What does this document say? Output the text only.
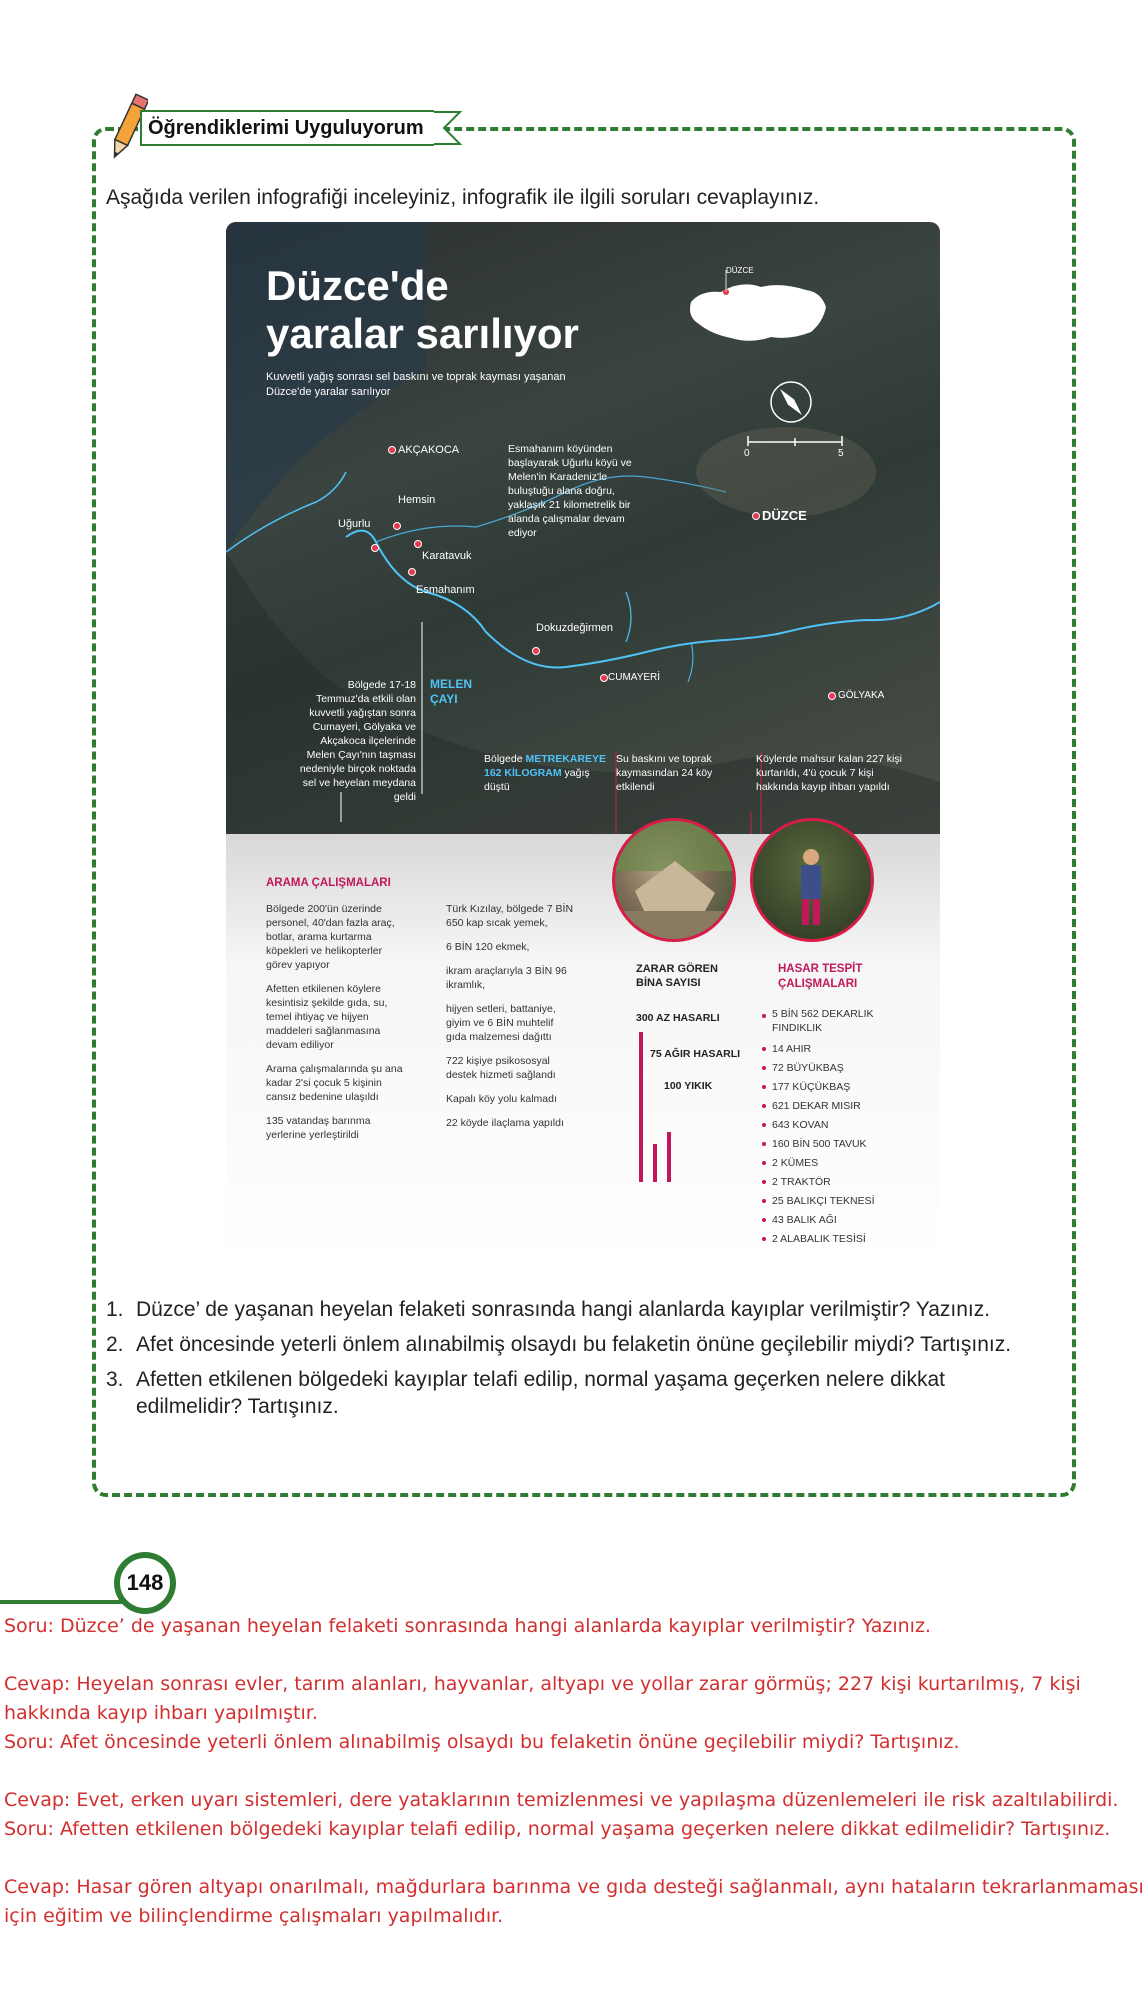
Öğrendiklerimi Uyguluyorum
Aşağıda verilen infografiği inceleyiniz, infografik ile ilgili soruları cevaplayınız.
DÜZCE
0	5
Düzce'de
yaralar sarılıyor
Kuvvetli yağış sonrası sel baskını ve toprak kayması yaşanan Düzce'de yaralar sarılıyor
AKÇAKOCA
Hemsin
Uğurlu
Karatavuk
Esmahanım
DÜZCE
Dokuzdeğirmen
CUMAYERİ
GÖLYAKA
MELEN
ÇAYI
Esmahanım köyünden başlayarak Uğurlu köyü ve Melen'in Karadeniz'le buluştuğu alana doğru, yaklaşık 21 kilometrelik bir alanda çalışmalar devam ediyor
Bölgede 17-18 Temmuz'da etkili olan kuvvetli yağıştan sonra Cumayeri, Gölyaka ve Akçakoca ilçelerinde Melen Çayı'nın taşması nedeniyle birçok noktada sel ve heyelan meydana geldi
Bölgede METREKAREYE 162 KİLOGRAM yağış düştü
Su baskını ve toprak kaymasından 24 köy etkilendi
Köylerde mahsur kalan 227 kişi kurtarıldı, 4'ü çocuk 7 kişi hakkında kayıp ihbarı yapıldı
ARAMA ÇALIŞMALARI

Bölgede 200'ün üzerinde personel, 40'dan fazla araç, botlar, arama kurtarma köpekleri ve helikopterler görev yapıyor

Afetten etkilenen köylere kesintisiz şekilde gıda, su, temel ihtiyaç ve hijyen maddeleri sağlanmasına devam ediliyor

Arama çalışmalarında şu ana kadar 2'si çocuk 5 kişinin cansız bedenine ulaşıldı

135 vatandaş barınma yerlerine yerleştirildi

Türk Kızılay, bölgede 7 BİN 650 kap sıcak yemek,

6 BİN 120 ekmek,

ikram araçlarıyla 3 BİN 96 ikramlık,

hijyen setleri, battaniye, giyim ve 6 BİN muhtelif gıda malzemesi dağıttı

722 kişiye psikososyal destek hizmeti sağlandı

Kapalı köy yolu kalmadı

22 köyde ilaçlama yapıldı

ZARAR GÖREN BİNA SAYISI
300 AZ HASARLI
75 AĞIR HASARLI
100 YIKIK
HASAR TESPİT ÇALIŞMALARI
5 BİN 562 DEKARLIK FINDIKLIK
14 AHIR
72 BÜYÜKBAŞ
177 KÜÇÜKBAŞ
621 DEKAR MISIR
643 KOVAN
160 BİN 500 TAVUK
2 KÜMES
2 TRAKTÖR
25 BALIKÇI TEKNESİ
43 BALIK AĞI
2 ALABALIK TESİSİ
1. Düzce’ de yaşanan heyelan felaketi sonrasında hangi alanlarda kayıplar verilmiştir? Yazınız.
2. Afet öncesinde yeterli önlem alınabilmiş olsaydı bu felaketin önüne geçilebilir miydi? Tartışınız.
3. Afetten etkilenen bölgedeki kayıplar telafi edilip, normal yaşama geçerken nelere dikkat edilmelidir? Tartışınız.
148

Soru: Düzce’ de yaşanan heyelan felaketi sonrasında hangi alanlarda kayıplar verilmiştir? Yazınız.

Cevap: Heyelan sonrası evler, tarım alanları, hayvanlar, altyapı ve yollar zarar görmüş; 227 kişi kurtarılmış, 7 kişi hakkında kayıp ihbarı yapılmıştır.

Soru: Afet öncesinde yeterli önlem alınabilmiş olsaydı bu felaketin önüne geçilebilir miydi? Tartışınız.

Cevap: Evet, erken uyarı sistemleri, dere yataklarının temizlenmesi ve yapılaşma düzenlemeleri ile risk azaltılabilirdi.

Soru: Afetten etkilenen bölgedeki kayıplar telafi edilip, normal yaşama geçerken nelere dikkat edilmelidir? Tartışınız.

Cevap: Hasar gören altyapı onarılmalı, mağdurlara barınma ve gıda desteği sağlanmalı, aynı hataların tekrarlanmaması için eğitim ve bilinçlendirme çalışmaları yapılmalıdır.
